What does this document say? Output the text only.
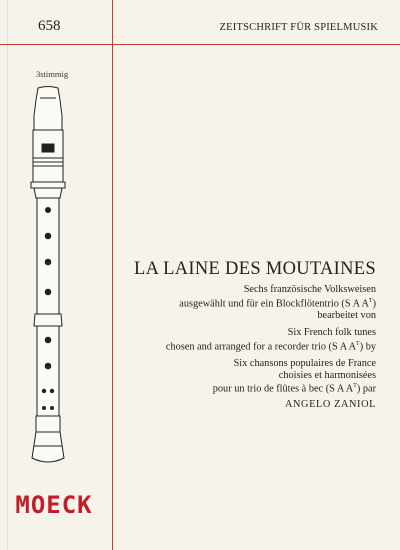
658	ZEITSCHRIFT FÜR SPIELMUSIK
3stimmig
LA LAINE DES MOUTAINES
Sechs französische Volksweisen
ausgewählt und für ein Blockflötentrio (S A $A^T$)
bearbeitet von
Six French folk tunes
chosen and arranged for a recorder trio (S A $A^T$) by
Six chansons populaires de France
choisies et harmonisées
pour un trio de flûtes à bec (S A $A^T$) par
ANGELO ZANIOL
MOECK
